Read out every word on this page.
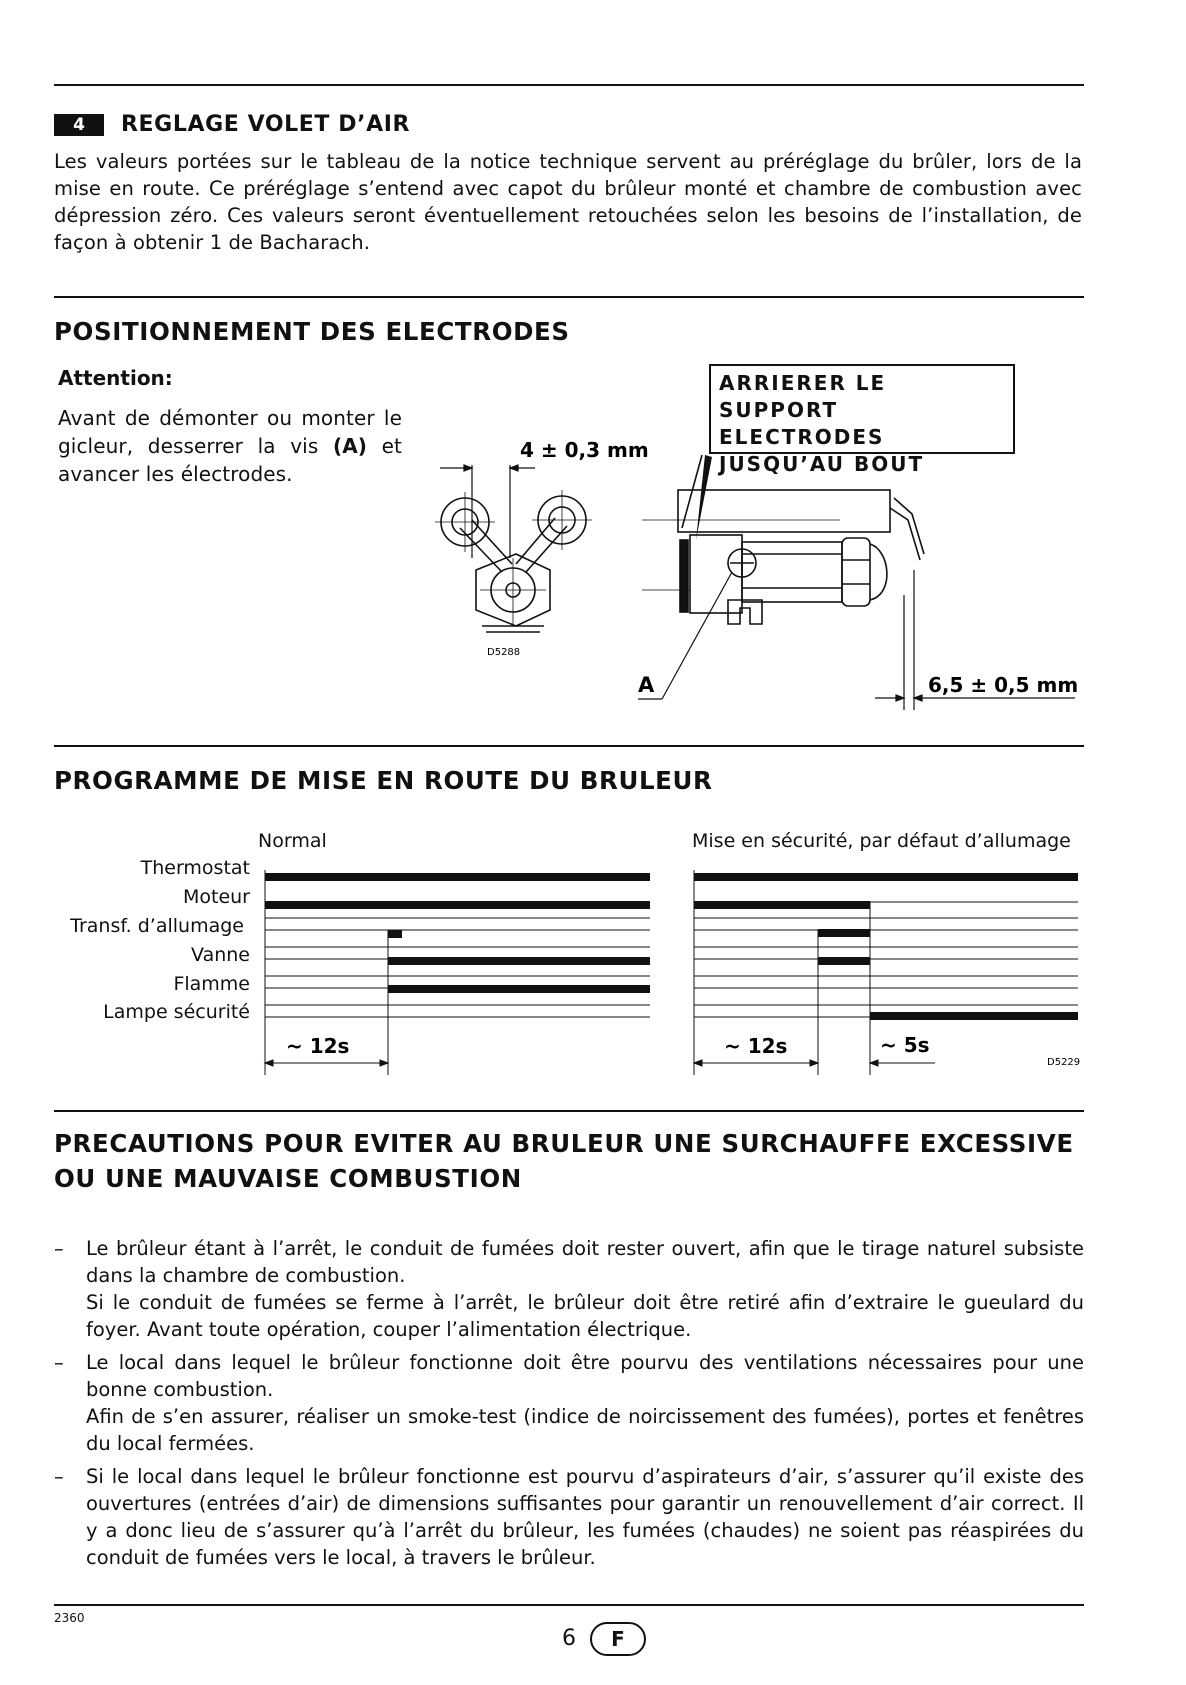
4	REGLAGE VOLET D’AIR
Les valeurs portées sur le tableau de la notice technique servent au préréglage du brûler, lors de la mise en route. Ce préréglage s’entend avec capot du brûleur monté et chambre de combustion avec dépression zéro. Ces valeurs seront éventuellement retouchées selon les besoins de l’installation, de façon à obtenir 1 de Bacharach.
POSITIONNEMENT DES ELECTRODES
Attention:
Avant de démonter ou monter le gicleur, desserrer la vis (A) et avancer les électrodes.
ARRIERER LE SUPPORT ELECTRODES JUSQU’AU BOUT
4 ± 0,3 mm
D5288
A	6,5 ± 0,5 mm
PROGRAMME DE MISE EN ROUTE DU BRULEUR
Normal	Mise en sécurité, par défaut d’allumage
Thermostat
Moteur
Transf. d’allumage
Vanne
Flamme
Lampe sécurité
~ 12s	~ 12s	~ 5s
D5229
PRECAUTIONS POUR EVITER AU BRULEUR UNE SURCHAUFFE EXCESSIVE
OU UNE MAUVAISE COMBUSTION
– Le brûleur étant à l’arrêt, le conduit de fumées doit rester ouvert, afin que le tirage naturel subsiste dans la chambre de combustion.

Si le conduit de fumées se ferme à l’arrêt, le brûleur doit être retiré afin d’extraire le gueulard du foyer. Avant toute opération, couper l’alimentation électrique.

– Le local dans lequel le brûleur fonctionne doit être pourvu des ventilations nécessaires pour une bonne combustion.

Afin de s’en assurer, réaliser un smoke-test (indice de noircissement des fumées), portes et fenêtres du local fermées.

– Si le local dans lequel le brûleur fonctionne est pourvu d’aspirateurs d’air, s’assurer qu’il existe des ouvertures (entrées d’air) de dimensions suffisantes pour garantir un renouvellement d’air correct. Il y a donc lieu de s’assurer qu’à l’arrêt du brûleur, les fumées (chaudes) ne soient pas réaspirées du conduit de fumées vers le local, à travers le brûleur.

2360
6	F
